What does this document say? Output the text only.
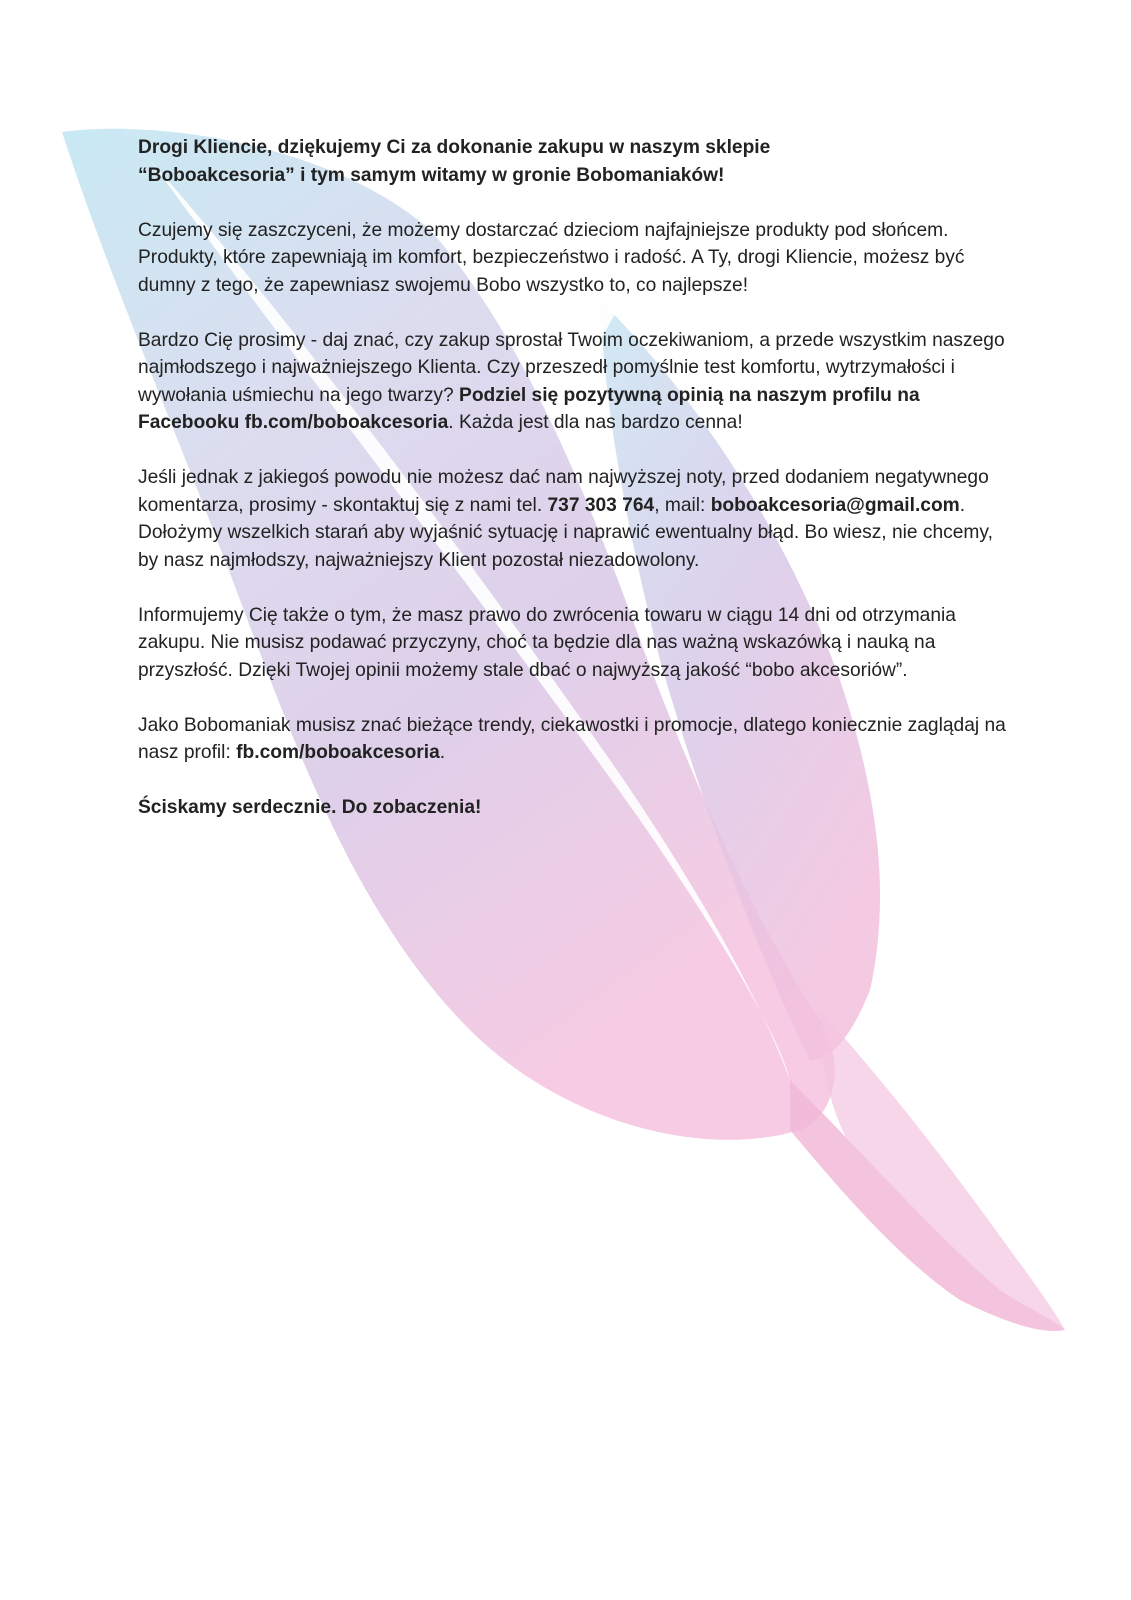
Drogi Kliencie, dziękujemy Ci za dokonanie zakupu w naszym sklepie
“Boboakcesoria” i tym samym witamy w gronie Bobomaniaków!

Czujemy się zaszczyceni, że możemy dostarczać dzieciom najfajniejsze produkty pod słońcem. Produkty, które zapewniają im komfort, bezpieczeństwo i radość. A Ty, drogi Kliencie, możesz być dumny z tego, że zapewniasz swojemu Bobo wszystko to, co najlepsze!

Bardzo Cię prosimy - daj znać, czy zakup sprostał Twoim oczekiwaniom, a przede wszystkim naszego najmłodszego i najważniejszego Klienta. Czy przeszedł pomyślnie test komfortu, wytrzymałości i wywołania uśmiechu na jego twarzy? Podziel się pozytywną opinią na naszym profilu na Facebooku fb.com/boboakcesoria. Każda jest dla nas bardzo cenna!

Jeśli jednak z jakiegoś powodu nie możesz dać nam najwyższej noty, przed dodaniem negatywnego komentarza, prosimy - skontaktuj się z nami tel. 737 303 764, mail: boboakcesoria@gmail.com. Dołożymy wszelkich starań aby wyjaśnić sytuację i naprawić ewentualny błąd. Bo wiesz, nie chcemy, by nasz najmłodszy, najważniejszy Klient pozostał niezadowolony.

Informujemy Cię także o tym, że masz prawo do zwrócenia towaru w ciągu 14 dni od otrzymania zakupu. Nie musisz podawać przyczyny, choć ta będzie dla nas ważną wskazówką i nauką na przyszłość. Dzięki Twojej opinii możemy stale dbać o najwyższą jakość “bobo akcesoriów”.

Jako Bobomaniak musisz znać bieżące trendy, ciekawostki i promocje, dlatego koniecznie zaglądaj na nasz profil: fb.com/boboakcesoria.

Ściskamy serdecznie. Do zobaczenia!
